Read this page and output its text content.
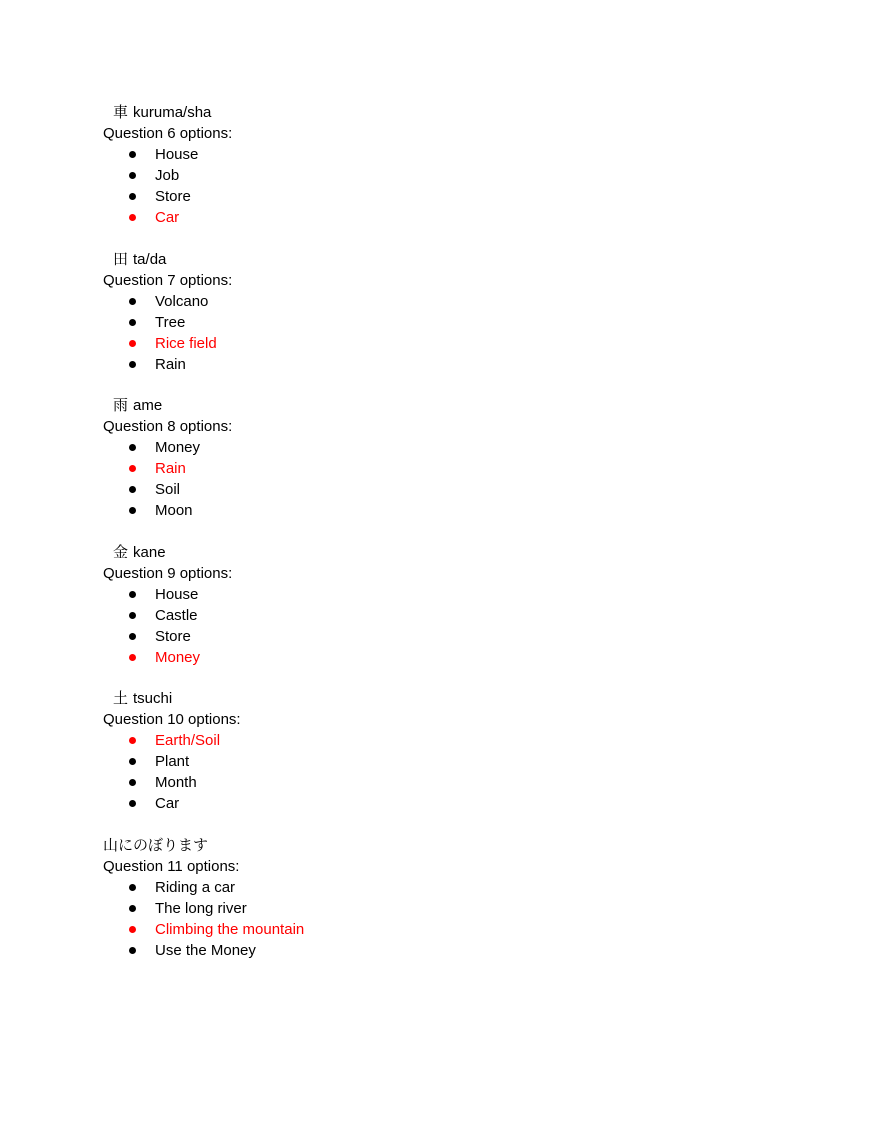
車 kuruma/sha
Question 6 options:
House
Job
Store
Car
田 ta/da
Question 7 options:
Volcano
Tree
Rice field
Rain
雨 ame
Question 8 options:
Money
Rain
Soil
Moon
金 kane
Question 9 options:
House
Castle
Store
Money
土 tsuchi
Question 10 options:
Earth/Soil
Plant
Month
Car
山にのぼります
Question 11 options:
Riding a car
The long river
Climbing the mountain
Use the Money
